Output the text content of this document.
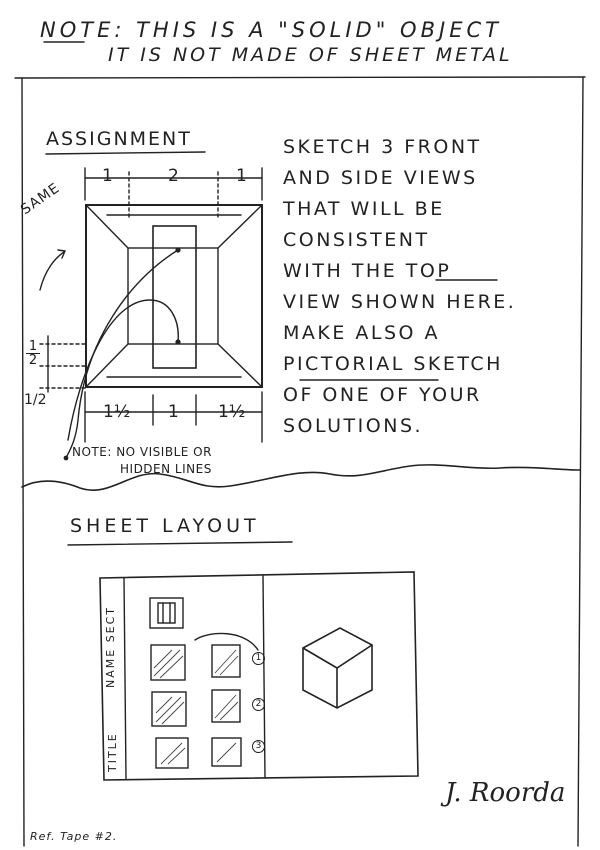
NOTE: THIS IS A "SOLID" OBJECT
IT IS NOT MADE OF SHEET METAL
ASSIGNMENT	SKETCH 3 FRONT
AND SIDE VIEWS
THAT WILL BE
CONSISTENT
WITH THE TOP
VIEW SHOWN HERE.
MAKE ALSO A
PICTORIAL SKETCH
OF ONE OF YOUR
SOLUTIONS.
1	2	1
$\frac{1}{2}$
1/2
1½ 1 1½
SAME
NOTE: NO VISIBLE OR
HIDDEN LINES
SHEET LAYOUT
NAME SECT
TITLE
1
2
3
J. Roorda
Ref. Tape #2.
